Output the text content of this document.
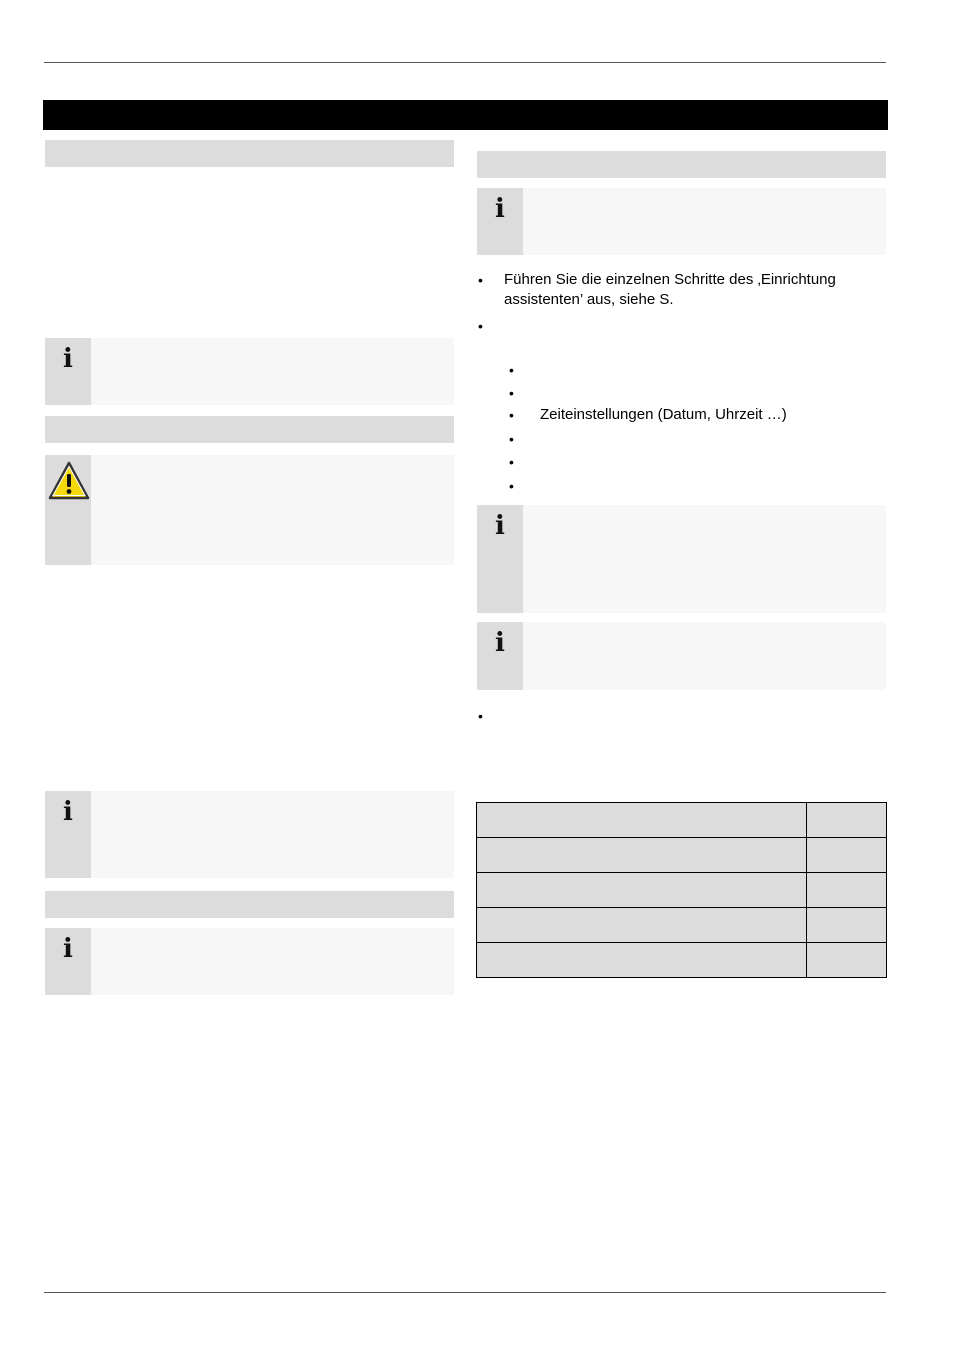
i
i
i
i
• Führen Sie die einzelnen Schritte des ‚Einrichtung assistenten’ aus, siehe S.
•
•
•
• Zeiteinstellungen (Datum, Uhrzeit …)
•
•
•
i
i
•
